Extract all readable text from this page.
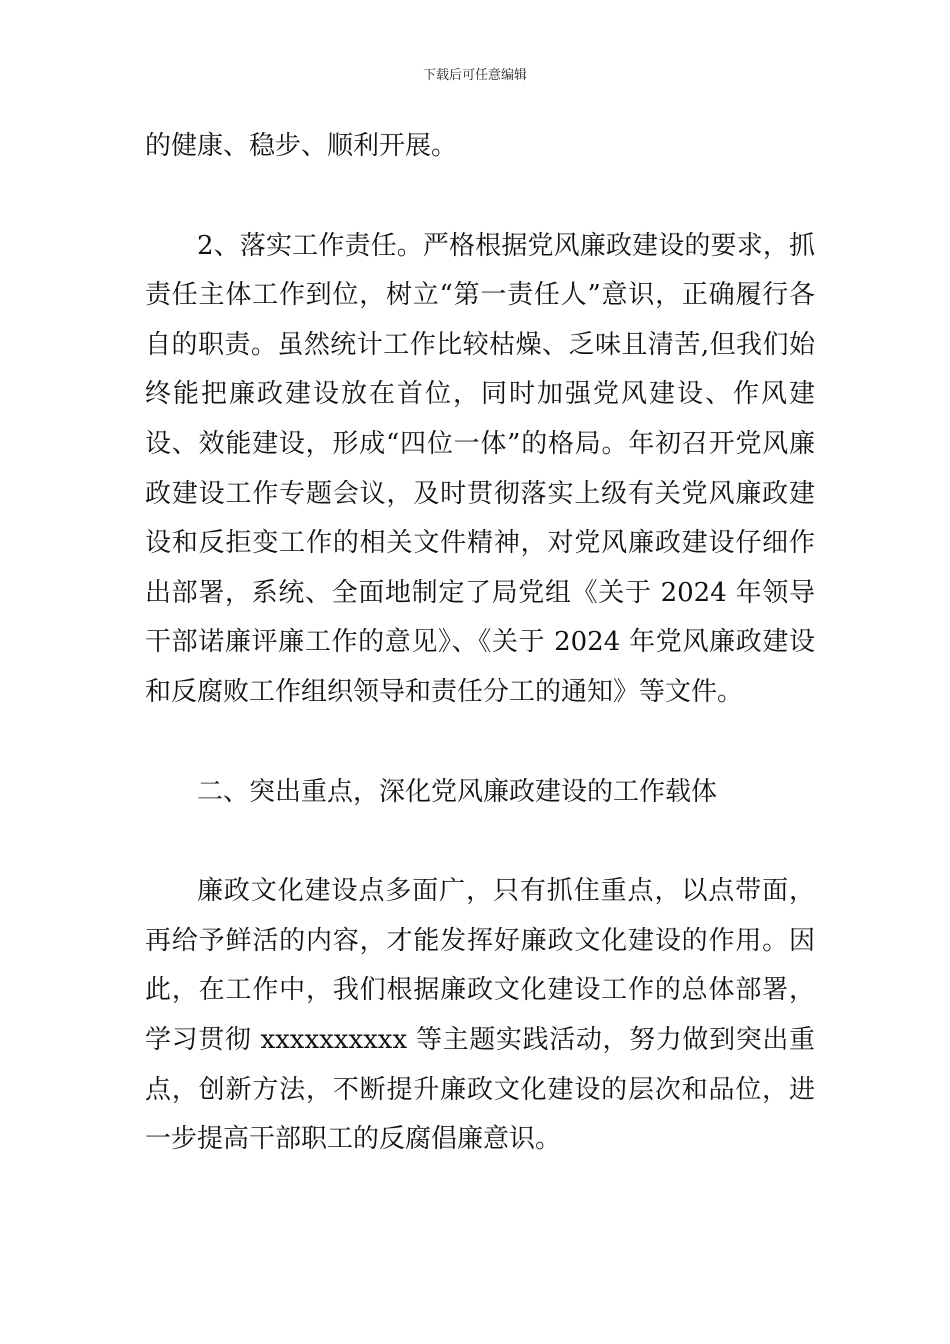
下载后可任意编辑

的健康、稳步、顺利开展。

2、落实工作责任。严格根据党风廉政建设的要求，抓责任主体工作到位，树立“第一责任人”意识，正确履行各自的职责。虽然统计工作比较枯燥、乏味且清苦,但我们始终能把廉政建设放在首位，同时加强党风建设、作风建设、效能建设，形成“四位一体”的格局。年初召开党风廉政建设工作专题会议，及时贯彻落实上级有关党风廉政建设和反拒变工作的相关文件精神，对党风廉政建设仔细作出部署，系统、全面地制定了局党组《关于 2024 年领导干部诺廉评廉工作的意见》、《关于 2024 年党风廉政建设和反腐败工作组织领导和责任分工的通知》等文件。

二、突出重点，深化党风廉政建设的工作载体

廉政文化建设点多面广，只有抓住重点，以点带面，再给予鲜活的内容，才能发挥好廉政文化建设的作用。因此，在工作中，我们根据廉政文化建设工作的总体部署，学习贯彻 xxxxxxxxxx 等主题实践活动，努力做到突出重点，创新方法，不断提升廉政文化建设的层次和品位，进一步提高干部职工的反腐倡廉意识。
